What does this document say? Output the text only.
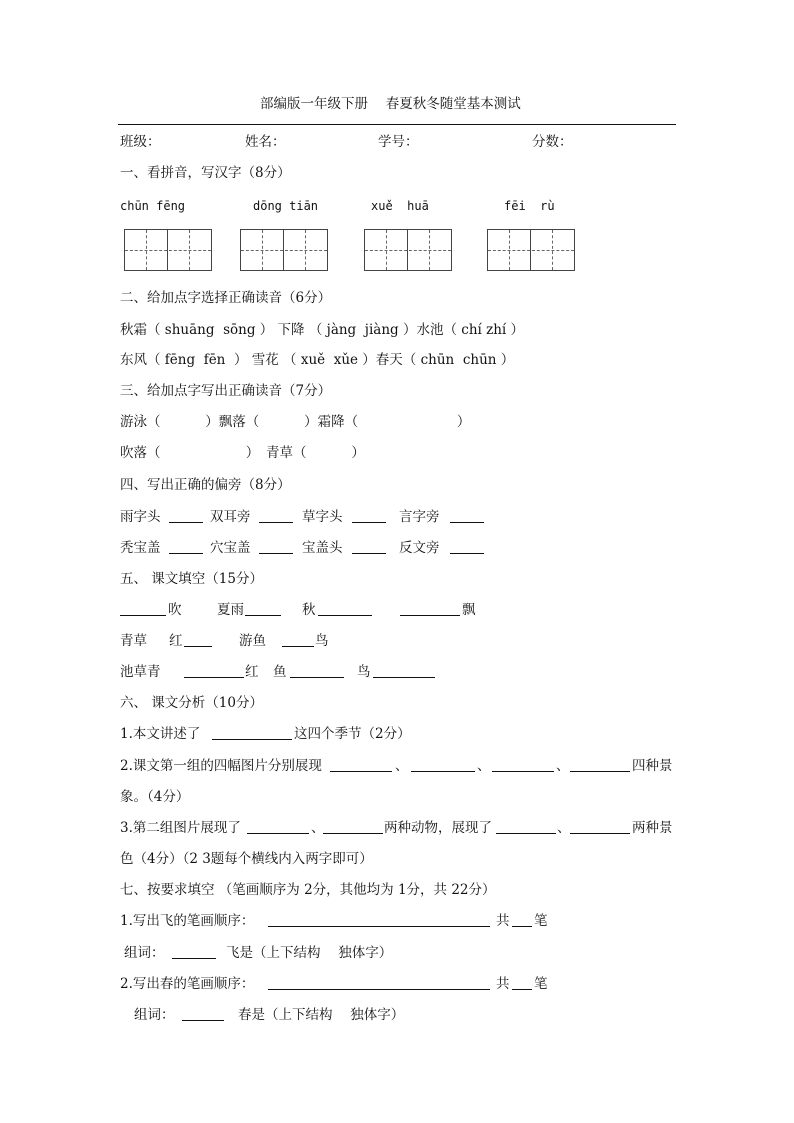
部编版一年级下册　 春夏秋冬随堂基本测试
班级：	姓名：	学号：	分数：
一、看拼音，写汉字（8分）
chūn fēng	dōng tiān	xuě  huā	fēi  rù
二、给加点字选择正确读音（6分）
秋霜（ shuāng  sōng ） 下降 （ jàng  jiàng ）水池（ chí zhí ）
东风（ fēng  fēn  ） 雪花 （ xuě  xǔe ）春天（ chūn  chūn ）
三、给加点字写出正确读音（7分）
游泳（　　　 ）飘落（　　　 ）霜降（　　　　　　　 ）
吹落（　　　　　　 ）　青草（　　　 ）
四、写出正确的偏旁（8分）
雨字头	双耳旁	草字头	言字旁
秃宝盖	穴宝盖	宝盖头	反文旁
五、 课文填空（15分）
吹	夏雨	秋	飘
青草 红	游鱼	鸟
池草青	红 鱼	鸟
六、 课文分析（10分）
1.本文讲述了	这四个季节（2分）
2.课文第一组的四幅图片分别展现	、	、	、	四种景
象。（4分）
3.第二组图片展现了	、	两种动物，展现了	、	两种景
色（4分）（2 3题每个横线内入两字即可）
七、按要求填空 （笔画顺序为 2分，其他均为 1分，共 22分）
1.写出飞的笔画顺序：	共 笔
组词：	飞是（上下结构　 独体字）
2.写出春的笔画顺序：	共 笔
组词：	春是（上下结构　 独体字）
